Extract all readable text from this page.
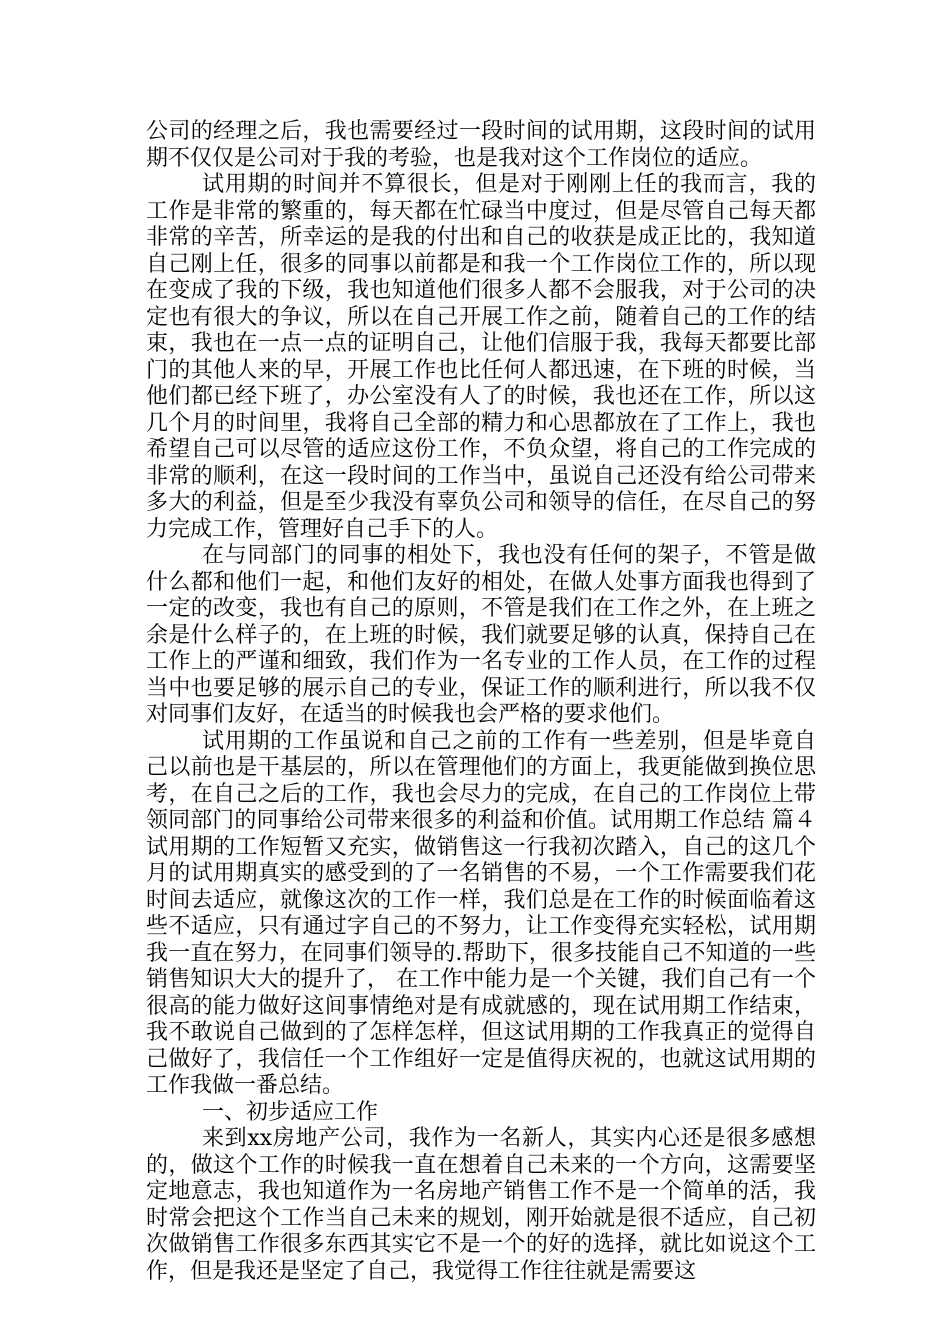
公司的经理之后，我也需要经过一段时间的试用期，这段时间的试用期不仅仅是公司对于我的考验，也是我对这个工作岗位的适应。

试用期的时间并不算很长，但是对于刚刚上任的我而言，我的工作是非常的繁重的，每天都在忙碌当中度过，但是尽管自己每天都非常的辛苦，所幸运的是我的付出和自己的收获是成正比的，我知道自己刚上任，很多的同事以前都是和我一个工作岗位工作的，所以现在变成了我的下级，我也知道他们很多人都不会服我，对于公司的决定也有很大的争议，所以在自己开展工作之前，随着自己的工作的结束，我也在一点一点的证明自己，让他们信服于我，我每天都要比部门的其他人来的早，开展工作也比任何人都迅速，在下班的时候，当他们都已经下班了，办公室没有人了的时候，我也还在工作，所以这几个月的时间里，我将自己全部的精力和心思都放在了工作上，我也希望自己可以尽管的适应这份工作，不负众望，将自己的工作完成的非常的顺利，在这一段时间的工作当中，虽说自己还没有给公司带来多大的利益，但是至少我没有辜负公司和领导的信任，在尽自己的努力完成工作，管理好自己手下的人。

在与同部门的同事的相处下，我也没有任何的架子，不管是做什么都和他们一起，和他们友好的相处，在做人处事方面我也得到了一定的改变，我也有自己的原则，不管是我们在工作之外，在上班之余是什么样子的，在上班的时候，我们就要足够的认真，保持自己在工作上的严谨和细致，我们作为一名专业的工作人员，在工作的过程当中也要足够的展示自己的专业，保证工作的顺利进行，所以我不仅对同事们友好，在适当的时候我也会严格的要求他们。

试用期的工作虽说和自己之前的工作有一些差别，但是毕竟自己以前也是干基层的，所以在管理他们的方面上，我更能做到换位思考，在自己之后的工作，我也会尽力的完成，在自己的工作岗位上带领同部门的同事给公司带来很多的利益和价值。试用期工作总结 篇４试用期的工作短暂又充实，做销售这一行我初次踏入，自己的这几个月的试用期真实的感受到的了一名销售的不易，一个工作需要我们花时间去适应，就像这次的工作一样，我们总是在工作的时候面临着这些不适应，只有通过字自己的不努力，让工作变得充实轻松，试用期我一直在努力，在同事们领导的.帮助下，很多技能自己不知道的一些销售知识大大的提升了， 在工作中能力是一个关键，我们自己有一个很高的能力做好这间事情绝对是有成就感的，现在试用期工作结束，我不敢说自己做到的了怎样怎样，但这试用期的工作我真正的觉得自己做好了，我信任一个工作组好一定是值得庆祝的，也就这试用期的工作我做一番总结。

一、初步适应工作

来到xx房地产公司，我作为一名新人，其实内心还是很多感想的，做这个工作的时候我一直在想着自己未来的一个方向，这需要坚定地意志，我也知道作为一名房地产销售工作不是一个简单的活，我时常会把这个工作当自己未来的规划，刚开始就是很不适应，自己初次做销售工作很多东西其实它不是一个的好的选择，就比如说这个工作，但是我还是坚定了自己，我觉得工作往往就是需要这
